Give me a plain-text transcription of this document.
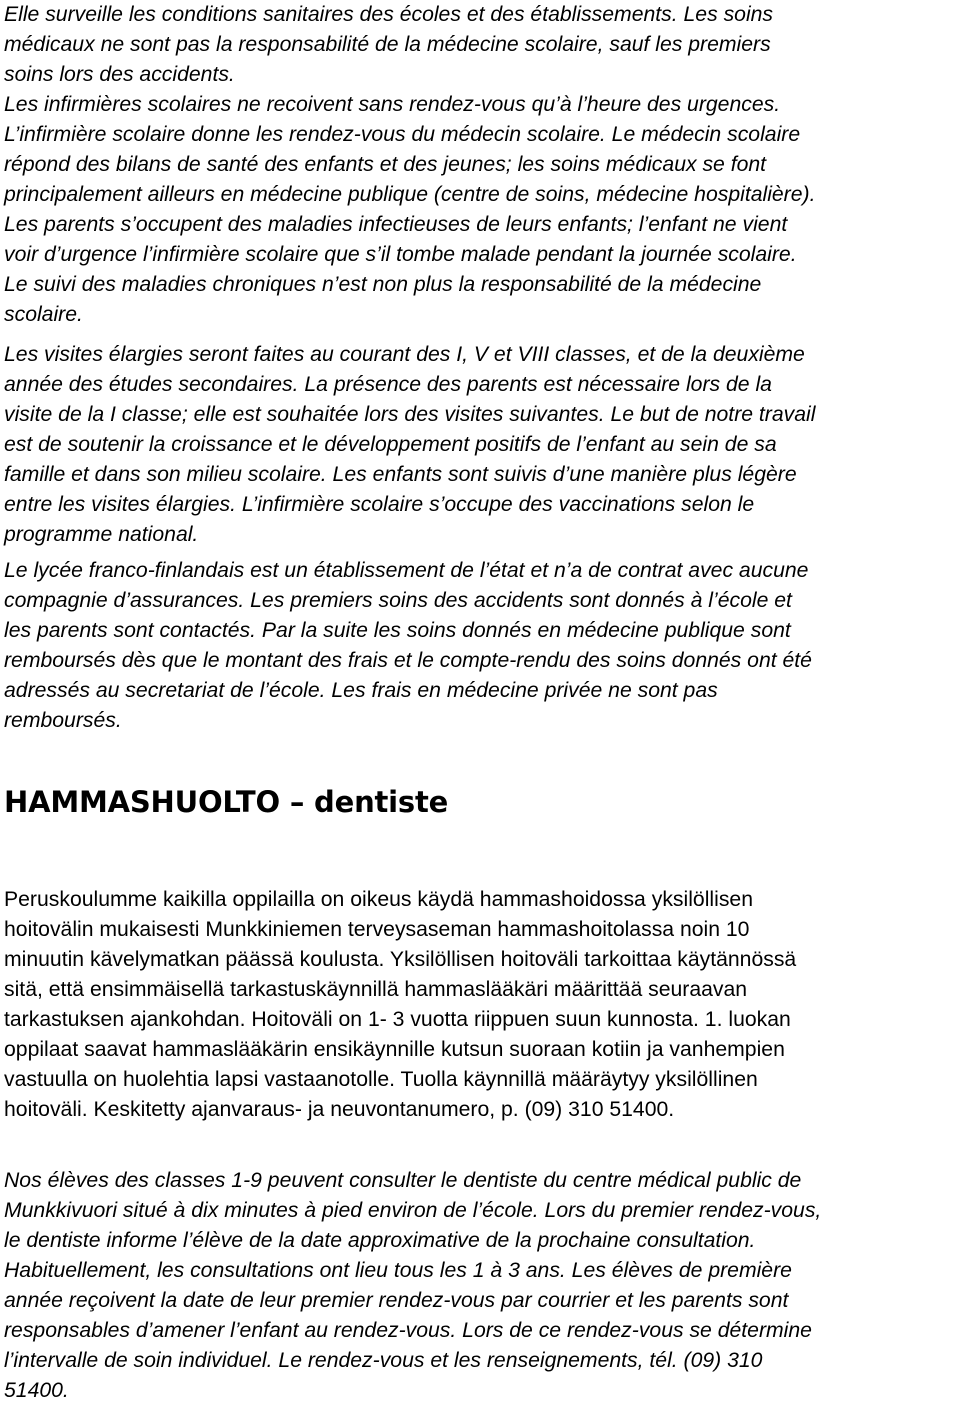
Elle surveille les conditions sanitaires des écoles et des établissements. Les soins
médicaux ne sont pas la responsabilité de la médecine scolaire, sauf les premiers
soins lors des accidents.
Les infirmières scolaires ne recoivent sans rendez-vous qu’à l’heure des urgences.
L’infirmière scolaire donne les rendez-vous du médecin scolaire. Le médecin scolaire
répond des bilans de santé des enfants et des jeunes; les soins médicaux se font
principalement ailleurs en médecine publique (centre de soins, médecine hospitalière).
Les parents s’occupent des maladies infectieuses de leurs enfants; l’enfant ne vient
voir d’urgence l’infirmière scolaire que s’il tombe malade pendant la journée scolaire.
Le suivi des maladies chroniques n’est non plus la responsabilité de la médecine
scolaire.
Les visites élargies seront faites au courant des I, V et VIII classes, et de la deuxième
année des études secondaires. La présence des parents est nécessaire lors de la
visite de la I classe; elle est souhaitée lors des visites suivantes. Le but de notre travail
est de soutenir la croissance et le développement positifs de l’enfant au sein de sa
famille et dans son milieu scolaire. Les enfants sont suivis d’une manière plus légère
entre les visites élargies. L’infirmière scolaire s’occupe des vaccinations selon le
programme national.
Le lycée franco-finlandais est un établissement de l’état et n’a de contrat avec aucune
compagnie d’assurances. Les premiers soins des accidents sont donnés à l’école et
les parents sont contactés. Par la suite les soins donnés en médecine publique sont
remboursés dès que le montant des frais et le compte-rendu des soins donnés ont été
adressés au secretariat de l’école. Les frais en médecine privée ne sont pas
remboursés.
HAMMASHUOLTO – dentiste
Peruskoulumme kaikilla oppilailla on oikeus käydä hammashoidossa yksilöllisen
hoitovälin mukaisesti Munkkiniemen terveysaseman hammashoitolassa noin 10
minuutin kävelymatkan päässä koulusta. Yksilöllisen hoitoväli tarkoittaa käytännössä
sitä, että ensimmäisellä tarkastuskäynnillä hammaslääkäri määrittää seuraavan
tarkastuksen ajankohdan. Hoitoväli on 1- 3 vuotta riippuen suun kunnosta. 1. luokan
oppilaat saavat hammaslääkärin ensikäynnille kutsun suoraan kotiin ja vanhempien
vastuulla on huolehtia lapsi vastaanotolle. Tuolla käynnillä määräytyy yksilöllinen
hoitoväli. Keskitetty ajanvaraus- ja neuvontanumero, p. (09) 310 51400.
Nos élèves des classes 1-9 peuvent consulter le dentiste du centre médical public de
Munkkivuori situé à dix minutes à pied environ de l’école. Lors du premier rendez-vous,
le dentiste informe l’élève de la date approximative de la prochaine consultation.
Habituellement, les consultations ont lieu tous les 1 à 3 ans. Les élèves de première
année reçoivent la date de leur premier rendez-vous par courrier et les parents sont
responsables d’amener l’enfant au rendez-vous. Lors de ce rendez-vous se détermine
l’intervalle de soin individuel. Le rendez-vous et les renseignements, tél. (09) 310
51400.
